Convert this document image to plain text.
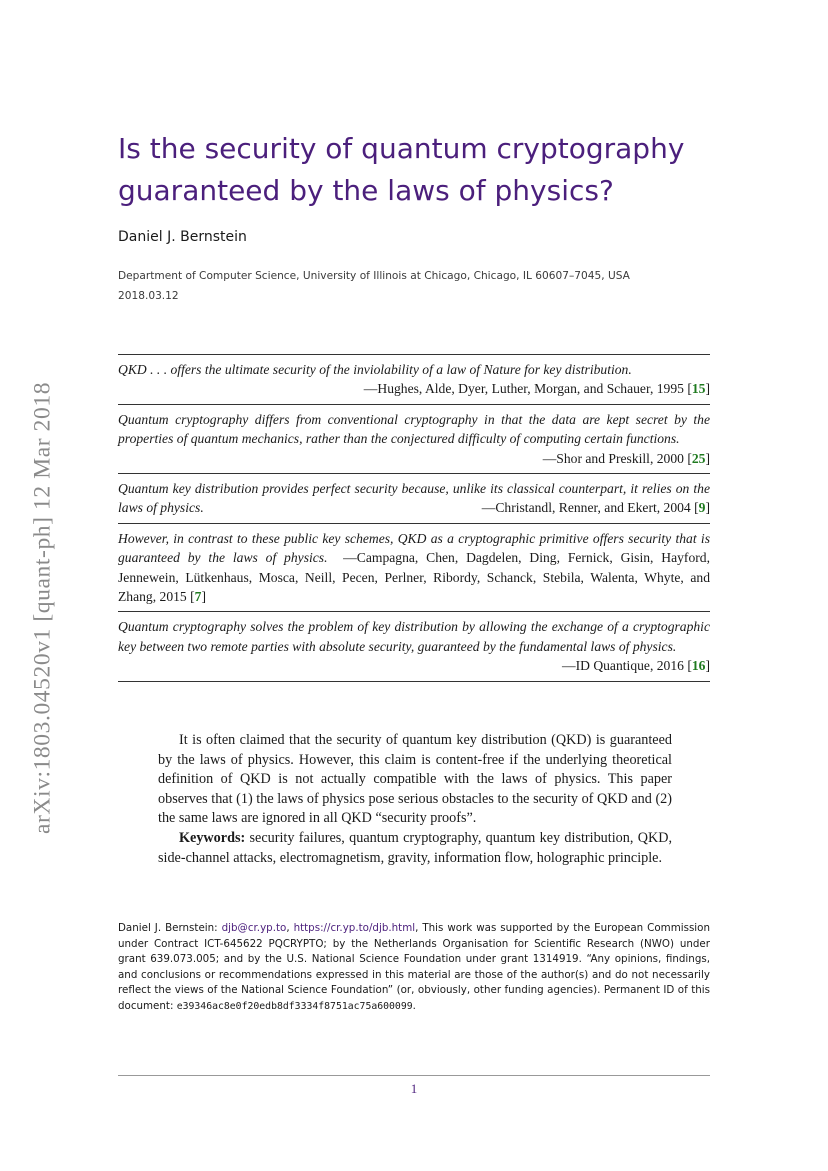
arXiv:1803.04520v1 [quant-ph] 12 Mar 2018
Is the security of quantum cryptography guaranteed by the laws of physics?

Daniel J. Bernstein

Department of Computer Science, University of Illinois at Chicago, Chicago, IL 60607–7045, USA
2018.03.12
QKD . . . offers the ultimate security of the inviolability of a law of Nature for key distribution.
—Hughes, Alde, Dyer, Luther, Morgan, and Schauer, 1995 [15]
Quantum cryptography differs from conventional cryptography in that the data are kept secret by the properties of quantum mechanics, rather than the conjectured difficulty of computing certain functions.
—Shor and Preskill, 2000 [25]
Quantum key distribution provides perfect security because, unlike its classical counterpart, it relies on the laws of physics.	—Christandl, Renner, and Ekert, 2004 [9]
However, in contrast to these public key schemes, QKD as a cryptographic primitive offers security that is guaranteed by the laws of physics. —Campagna, Chen, Dagdelen, Ding, Fernick, Gisin, Hayford, Jennewein, Lütkenhaus, Mosca, Neill, Pecen, Perlner, Ribordy, Schanck, Stebila, Walenta, Whyte, and Zhang, 2015 [7]
Quantum cryptography solves the problem of key distribution by allowing the exchange of a cryptographic key between two remote parties with absolute security, guaranteed by the fundamental laws of physics.
—ID Quantique, 2016 [16]

It is often claimed that the security of quantum key distribution (QKD) is guaranteed by the laws of physics. However, this claim is content-free if the underlying theoretical definition of QKD is not actually compatible with the laws of physics. This paper observes that (1) the laws of physics pose serious obstacles to the security of QKD and (2) the same laws are ignored in all QKD “security proofs”.

Keywords: security failures, quantum cryptography, quantum key distribution, QKD, side-channel attacks, electromagnetism, gravity, information flow, holographic principle.

Daniel J. Bernstein: djb@cr.yp.to, https://cr.yp.to/djb.html, This work was supported by the European Commission under Contract ICT-645622 PQCRYPTO; by the Netherlands Organisation for Scientific Research (NWO) under grant 639.073.005; and by the U.S. National Science Foundation under grant 1314919. “Any opinions, findings, and conclusions or recommendations expressed in this material are those of the author(s) and do not necessarily reflect the views of the National Science Foundation” (or, obviously, other funding agencies). Permanent ID of this document: e39346ac8e0f20edb8df3334f8751ac75a600099.
1
